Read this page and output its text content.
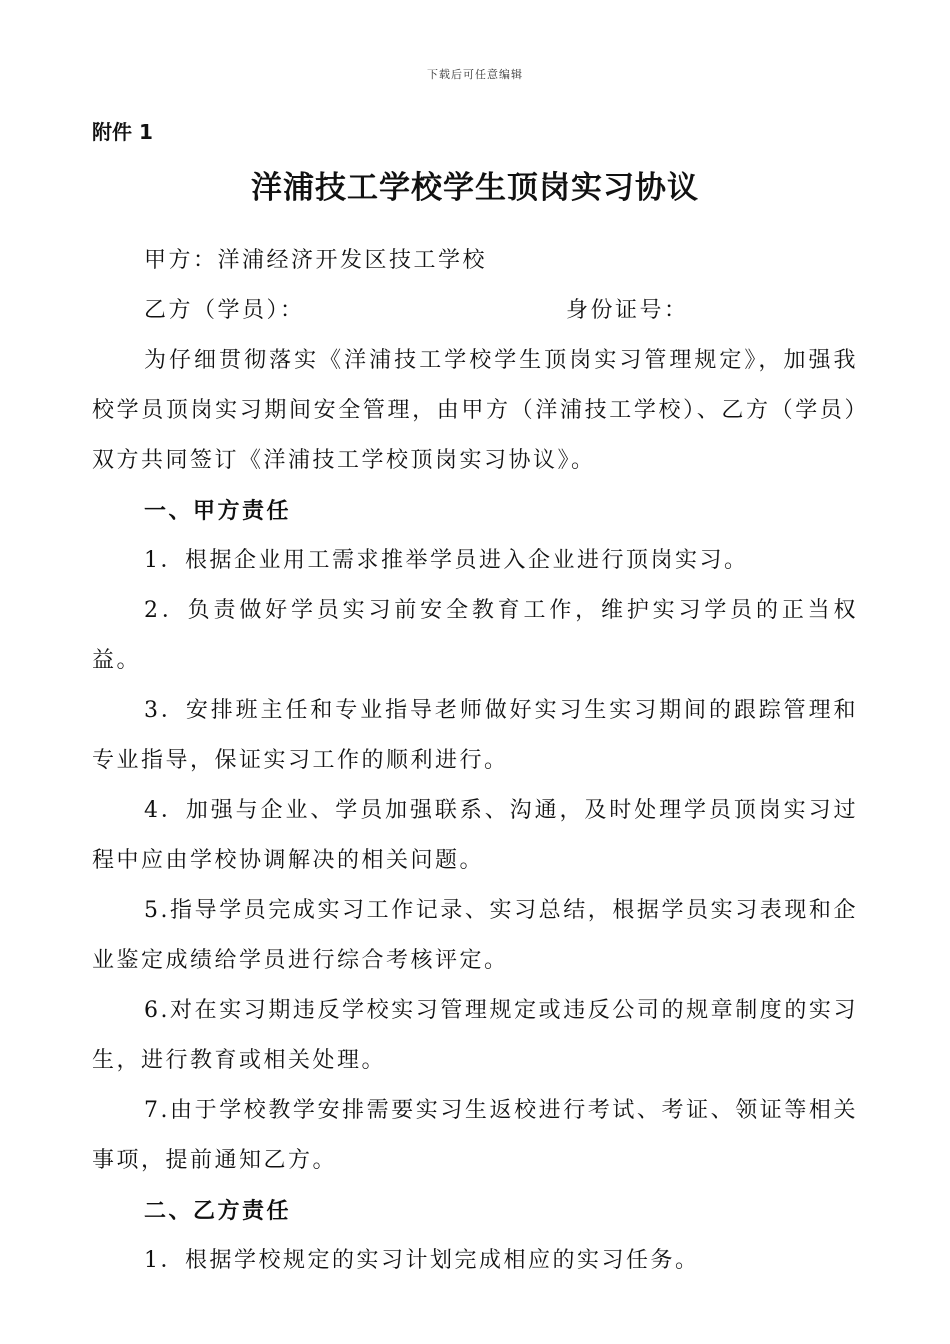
下载后可任意编辑
附件 1
洋浦技工学校学生顶岗实习协议

甲方：洋浦经济开发区技工学校

乙方（学员）：	身份证号：

为仔细贯彻落实《洋浦技工学校学生顶岗实习管理规定》，加强我校学员顶岗实习期间安全管理，由甲方（洋浦技工学校）、乙方（学员）双方共同签订《洋浦技工学校顶岗实习协议》。

一、甲方责任

1．根据企业用工需求推举学员进入企业进行顶岗实习。

2．负责做好学员实习前安全教育工作，维护实习学员的正当权益。

3．安排班主任和专业指导老师做好实习生实习期间的跟踪管理和专业指导，保证实习工作的顺利进行。

4．加强与企业、学员加强联系、沟通，及时处理学员顶岗实习过程中应由学校协调解决的相关问题。

5.指导学员完成实习工作记录、实习总结，根据学员实习表现和企业鉴定成绩给学员进行综合考核评定。

6.对在实习期违反学校实习管理规定或违反公司的规章制度的实习生，进行教育或相关处理。

7.由于学校教学安排需要实习生返校进行考试、考证、领证等相关事项，提前通知乙方。

二、乙方责任

1．根据学校规定的实习计划完成相应的实习任务。
